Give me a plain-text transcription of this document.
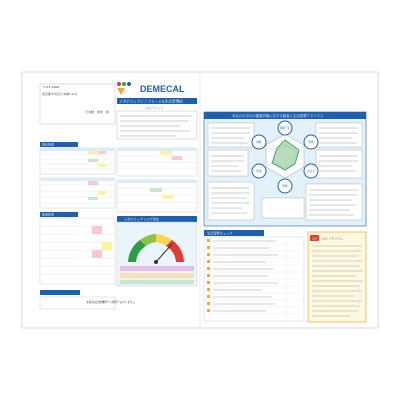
〒111-0000
東京都中央区日本橋1-2-3
日本橋　健治　様
DEMECAL
メタボリックシンドローム&生活習慣病
セルフチェック
測定結果
検査結果
メタボリックリスク判定
本検査は医療機関での診断ではありません
あなたの今日の健康状態に対する検査と生活習慣アドバイス
運動不足
喫煙
食生活
肥満
飲酒
睡眠
生活習慣チェック
1日 ひとくちコラム
